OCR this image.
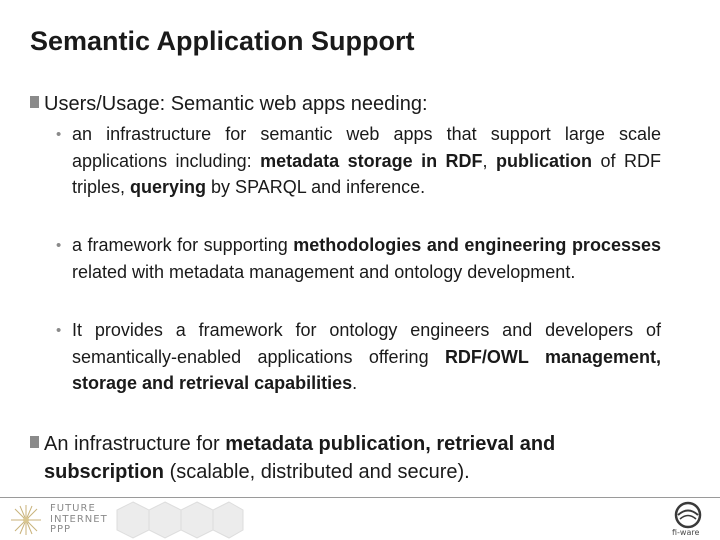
Semantic Application Support
Users/Usage: Semantic web apps needing:
• an infrastructure for semantic web apps that support large scale applications including: metadata storage in RDF, publication of RDF triples, querying by SPARQL and inference.
• a framework for supporting methodologies and engineering processes related with metadata management and ontology development.
• It provides a framework for ontology engineers and developers of semantically-enabled applications offering RDF/OWL management, storage and retrieval capabilities.
An infrastructure for metadata publication, retrieval and subscription (scalable, distributed and secure).
FUTURE
INTERNET
PPP	fi-ware
